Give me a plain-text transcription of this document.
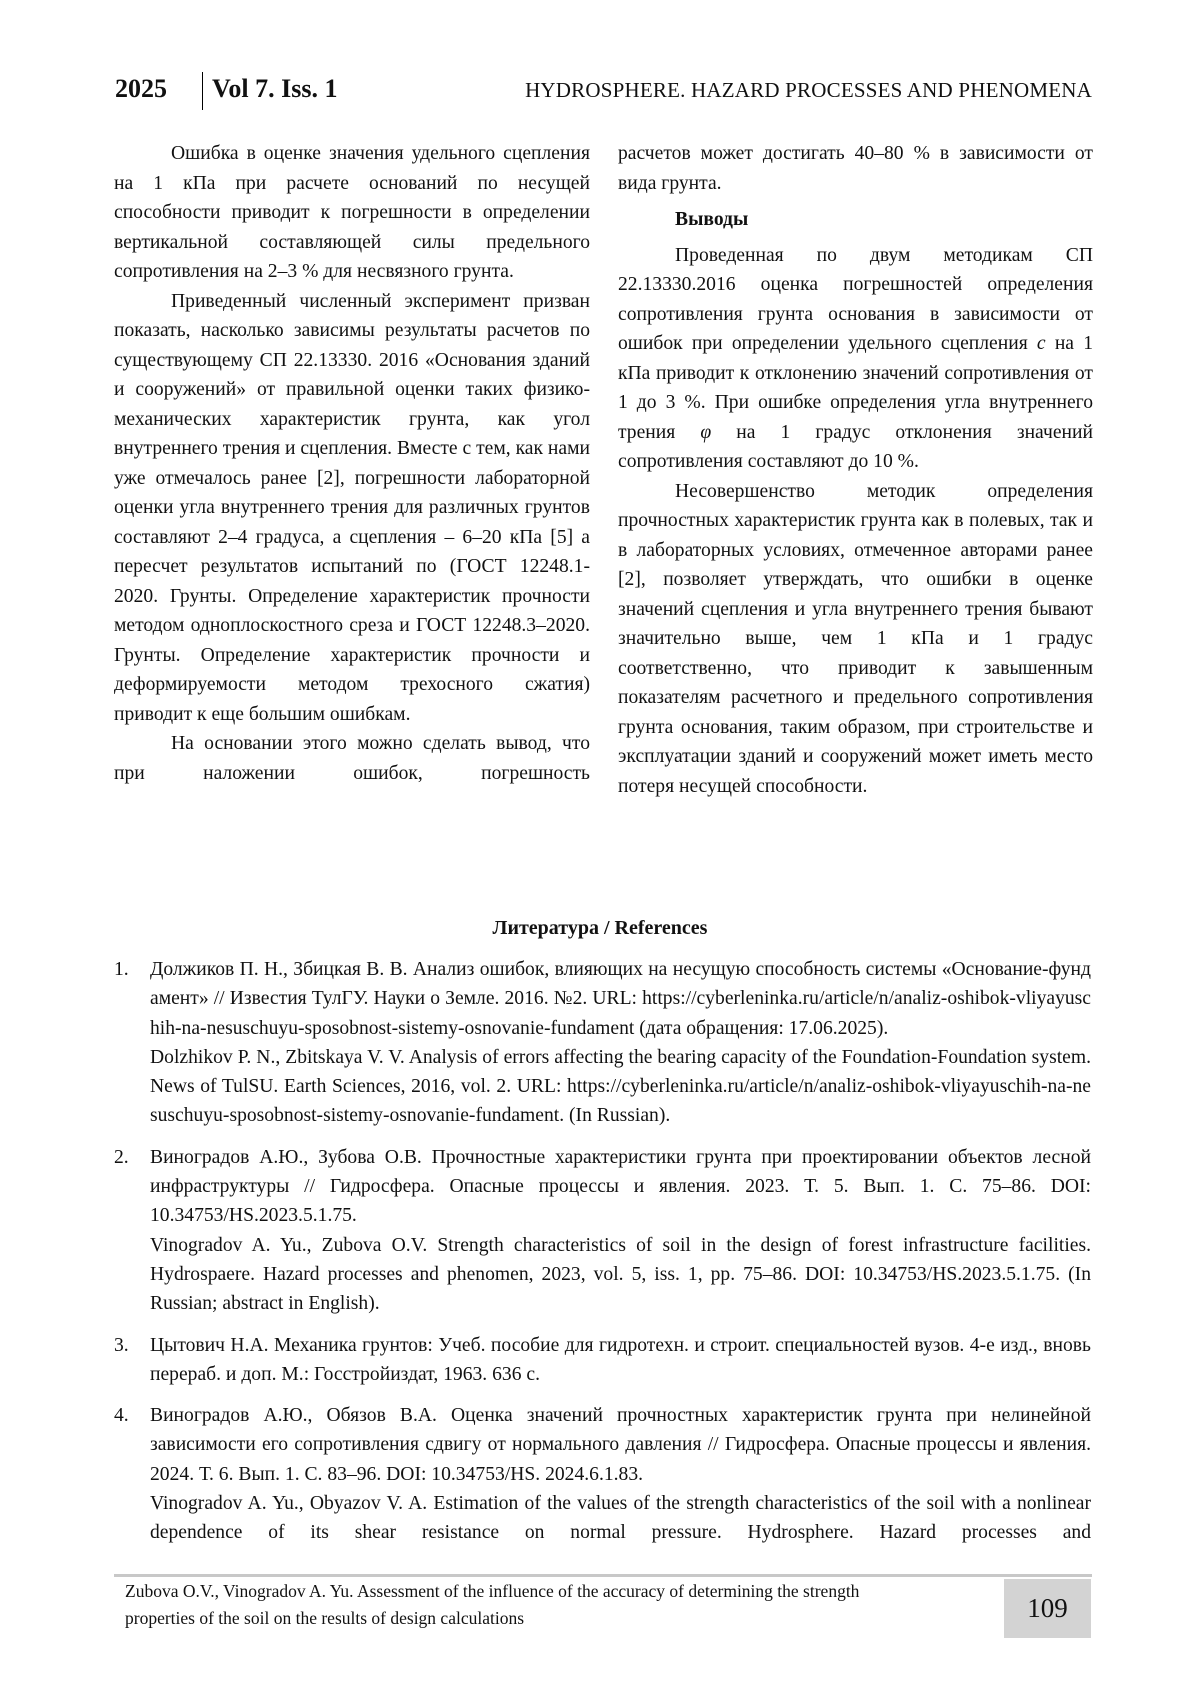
2025 Vol 7. Iss. 1	HYDROSPHERE. HAZARD PROCESSES AND PHENOMENA

Ошибка в оценке значения удельного сцепления на 1 кПа при расчете оснований по несущей способности приводит к погрешности в определении вертикальной составляющей силы предельного сопротивления на 2–3 % для несвязного грунта.

Приведенный численный эксперимент призван показать, насколько зависимы результаты расчетов по существующему СП 22.13330. 2016 «Основания зданий и сооружений» от правильной оценки таких физико-механических характеристик грунта, как угол внутреннего трения и сцепления. Вместе с тем, как нами уже отмечалось ранее [2], погрешности лабораторной оценки угла внутреннего трения для различных грунтов составляют 2–4 градуса, а сцепления – 6–20 кПа [5] а пересчет результатов испытаний по (ГОСТ 12248.1-2020. Грунты. Определение характеристик прочности методом одноплоскостного среза и ГОСТ 12248.3–2020. Грунты. Определение характеристик прочности и деформируемости методом трехосного сжатия) приводит к еще большим ошибкам.

На основании этого можно сделать вывод, что при наложении ошибок, погрешность

расчетов может достигать 40–80 % в зависимости от вида грунта.

Выводы

Проведенная по двум методикам СП 22.13330.2016 оценка погрешностей определения сопротивления грунта основания в зависимости от ошибок при определении удельного сцепления c на 1 кПа приводит к отклонению значений сопротивления от 1 до 3 %. При ошибке определения угла внутреннего трения φ на 1 градус отклонения значений сопротивления составляют до 10 %.

Несовершенство методик определения прочностных характеристик грунта как в полевых, так и в лабораторных условиях, отмеченное авторами ранее [2], позволяет утверждать, что ошибки в оценке значений сцепления и угла внутреннего трения бывают значительно выше, чем 1 кПа и 1 градус соответственно, что приводит к завышенным показателям расчетного и предельного сопротивления грунта основания, таким образом, при строительстве и эксплуатации зданий и сооружений может иметь место потеря несущей способности.

Литература / References
1. Должиков П. Н., Збицкая В. В. Анализ ошибок, влияющих на несущую способность системы «Основание-фундамент» // Известия ТулГУ. Науки о Земле. 2016. №2. URL: https://cyberleninka.ru/article/n/analiz-oshibok-vliyayuschih-na-nesuschuyu-sposobnost-sistemy-osnovanie-fundament (дата обращения: 17.06.2025).

Dolzhikov P. N., Zbitskaya V. V. Analysis of errors affecting the bearing capacity of the Foundation-Foundation system. News of TulSU. Earth Sciences, 2016, vol. 2. URL: https://cyberleninka.ru/article/n/analiz-oshibok-vliyayuschih-na-nesuschuyu-sposobnost-sistemy-osnovanie-fundament. (In Russian).

2. Виноградов А.Ю., Зубова О.В. Прочностные характеристики грунта при проектировании объектов лесной инфраструктуры // Гидросфера. Опасные процессы и явления. 2023. Т. 5. Вып. 1. С. 75–86. DOI: 10.34753/HS.2023.5.1.75.

Vinogradov A. Yu., Zubova O.V. Strength characteristics of soil in the design of forest infrastructure facilities. Hydrospaere. Hazard processes and phenomen, 2023, vol. 5, iss. 1, pp. 75–86. DOI: 10.34753/HS.2023.5.1.75. (In Russian; abstract in English).

3. Цытович Н.А. Механика грунтов: Учеб. пособие для гидротехн. и строит. специальностей вузов. 4-е изд., вновь перераб. и доп. М.: Госстройиздат, 1963. 636 с.

4. Виноградов А.Ю., Обязов В.А. Оценка значений прочностных характеристик грунта при нелинейной зависимости его сопротивления сдвигу от нормального давления // Гидросфера. Опасные процессы и явления. 2024. Т. 6. Вып. 1. С. 83–96. DOI: 10.34753/HS. 2024.6.1.83.

Vinogradov A. Yu., Obyazov V. A. Estimation of the values of the strength characteristics of the soil with a nonlinear dependence of its shear resistance on normal pressure. Hydrosphere. Hazard processes and

Zubova O.V., Vinogradov A. Yu. Assessment of the influence of the accuracy of determining the strength
properties of the soil on the results of design calculations	109
